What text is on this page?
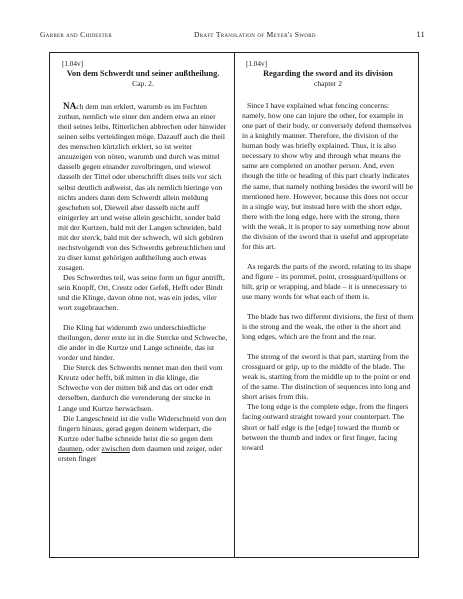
Garber and Chidester	Draft Translation of Meyer's Sword	11
[1.04v]
Von dem Schwerdt und seiner außtheilung.
Cap. 2.

NAch dem nun erklert, warumb es im Fechten zuthun, nemlich wie einer den andern etwa an einer theil seines leibs, Ritterlichen abbrechen oder hinwider seinen selbs verteidingen möge. Dazauff auch die theil des menschen kürtzlich erklert, so ist weiter anzuzeigen von nöten, warumb und durch was mittel dasselb gegen einander zuvolbringen, und wiewol dasselb der Tittel oder uberschrifft dises teils vor sich selbst deutlich außweist, das als nemlich hieringe von nichts anders dann dem Schwerdt allein meldung geschehen sol, Dieweil aber dasselb nicht auff einigerley art und weise allein geschicht, sonder bald mit der Kurtzen, bald mit der Langen schneiden, bald mit der sterck, bald mit der schwech, wil sich gebüren nechstvolgendt von des Schwerdts gebreuchlichen und zu diser kunst gehörigen außtheilung auch etwas zusagen.

Des Schwerdtes teil, was seine form un figur antrifft, sein Knopff, Ort, Creutz oder Gefeß, Hefft oder Bindt und die Klinge, davon ohne not, was ein jedes, viler wort zugebrauchen.

Die Kling hat widerumb zwo underschiedliche theilungen, derer erste ist in die Stercke und Schweche, die ander in die Kurtze und Lange schneide, das ist vorder und hinder.

Die Sterck des Schwerdts nennet man den theil vom Kreutz oder hefft, biß mitten in die klinge, die Schweche von der mitten biß and das ort oder endt derselben, dardurch die verenderung der stucke in Lange und Kurtze herwachsen.

Die Langeschneid ist die volle Widerschneid von den fingern hinaus, gerad gegen deinem widerpart, die Kurtze oder halbe schneide heist die so gegen dem daumen, oder zwischen dem daumen und zeiger, oder ersten finger

[1.04v]
Regarding the sword and its division
chapter 2

Since I have explained what fencing concerns: namely, how one can injure the other, for example in one part of their body, or conversely defend themselves in a knightly manner. Therefore, the division of the human body was briefly explained. Thus, it is also necessary to show why and through what means the same are completed on another person. And, even though the title or heading of this part clearly indicates the same, that namely nothing besides the sword will be mentioned here. However, because this does not occur in a single way, but instead here with the short edge, there with the long edge, here with the strong, there with the weak, it is proper to say something now about the division of the sword that is useful and appropriate for this art.

As regards the parts of the sword, relating to its shape and figure – its pommel, point, crossguard/quillons or hilt, grip or wrapping, and blade – it is unnecessary to use many words for what each of them is.

The blade has two different divisions, the first of them is the strong and the weak, the other is the short and long edges, which are the front and the rear.

The strong of the sword is that part, starting from the crossguard or grip, up to the middle of the blade. The weak is, starting from the middle up to the point or end of the same. The distinction of sequences into long and short arises from this.

The long edge is the complete edge, from the fingers facing outward straight toward your counterpart. The short or half edge is the [edge] toward the thumb or between the thumb and index or first finger, facing toward
